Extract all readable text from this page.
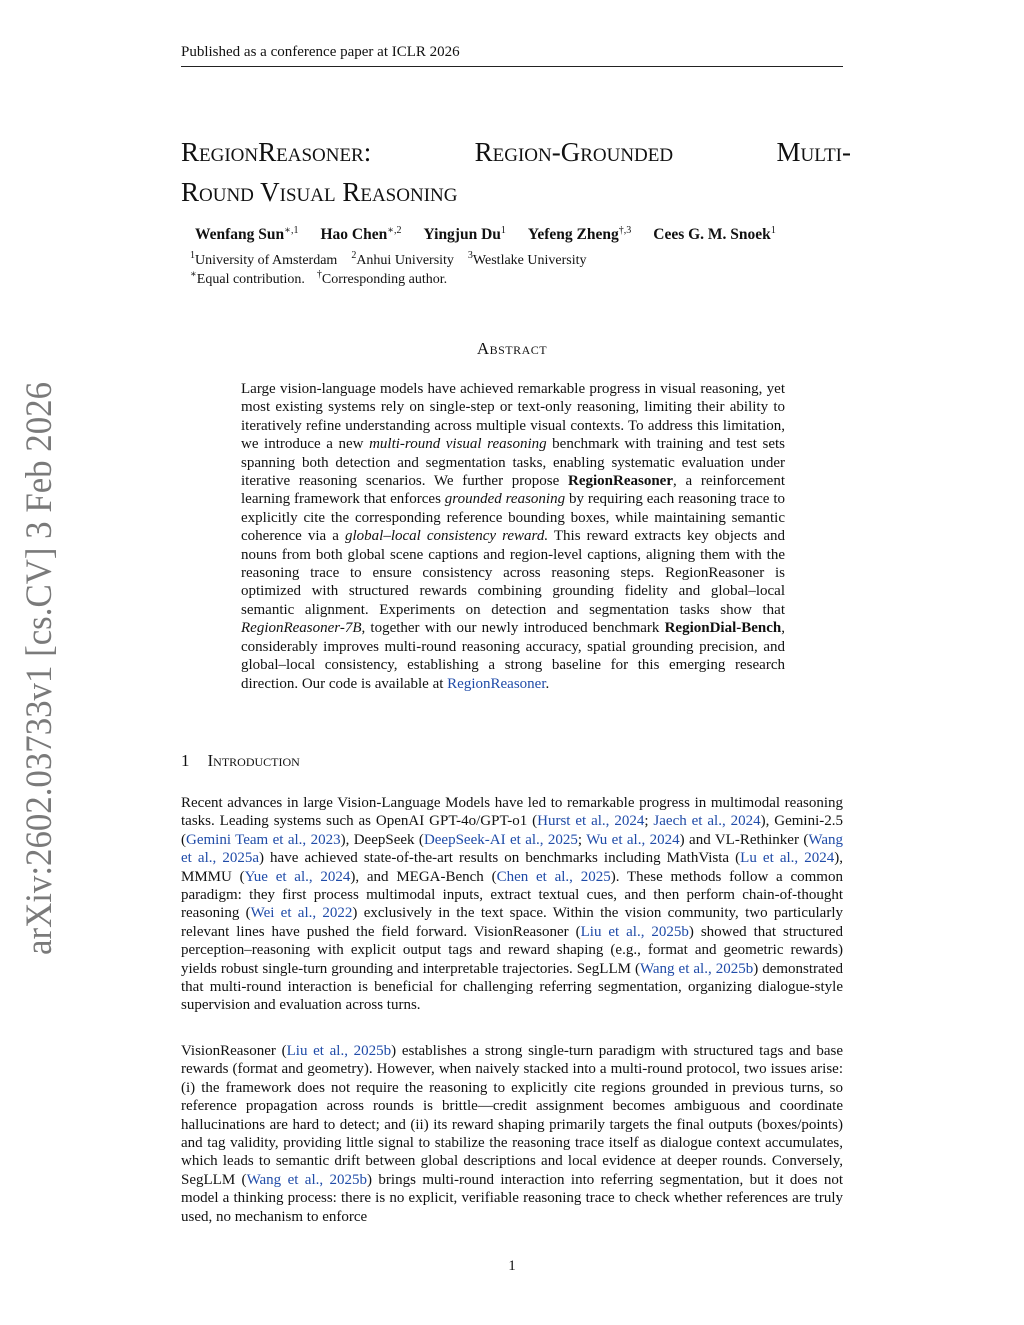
Published as a conference paper at ICLR 2026
arXiv:2602.03733v1 [cs.CV] 3 Feb 2026
RegionReasoner: Region-Grounded Multi-
Round Visual Reasoning
Wenfang Sun$^{∗,1}$ Hao Chen$^{∗,2}$ Yingjun Du$^1$ Yefeng Zheng$^{\dagger,3}$ Cees G. M. Snoek$^1$
$^1$University of Amsterdam $^2$Anhui University $^3$Westlake University
∗Equal contribution. †Corresponding author.
Abstract
Large vision-language models have achieved remarkable progress in visual reasoning, yet most existing systems rely on single-step or text-only reasoning, limiting their ability to iteratively refine understanding across multiple visual contexts. To address this limitation, we introduce a new multi-round visual reasoning benchmark with training and test sets spanning both detection and segmentation tasks, enabling systematic evaluation under iterative reasoning scenarios. We further propose RegionReasoner, a reinforcement learning framework that enforces grounded reasoning by requiring each reasoning trace to explicitly cite the corresponding reference bounding boxes, while maintaining semantic coherence via a global–local consistency reward. This reward extracts key objects and nouns from both global scene captions and region-level captions, aligning them with the reasoning trace to ensure consistency across reasoning steps. RegionReasoner is optimized with structured rewards combining grounding fidelity and global–local semantic alignment. Experiments on detection and segmentation tasks show that RegionReasoner-7B, together with our newly introduced benchmark RegionDial-Bench, considerably improves multi-round reasoning accuracy, spatial grounding precision, and global–local consistency, establishing a strong baseline for this emerging research direction. Our code is available at RegionReasoner.
1 Introduction
Recent advances in large Vision-Language Models have led to remarkable progress in multimodal reasoning tasks. Leading systems such as OpenAI GPT-4o/GPT-o1 (Hurst et al., 2024; Jaech et al., 2024), Gemini-2.5 (Gemini Team et al., 2023), DeepSeek (DeepSeek-AI et al., 2025; Wu et al., 2024) and VL-Rethinker (Wang et al., 2025a) have achieved state-of-the-art results on benchmarks including MathVista (Lu et al., 2024), MMMU (Yue et al., 2024), and MEGA-Bench (Chen et al., 2025). These methods follow a common paradigm: they first process multimodal inputs, extract textual cues, and then perform chain-of-thought reasoning (Wei et al., 2022) exclusively in the text space. Within the vision community, two particularly relevant lines have pushed the field forward. VisionReasoner (Liu et al., 2025b) showed that structured perception–reasoning with explicit output tags and reward shaping (e.g., format and geometric rewards) yields robust single-turn grounding and interpretable trajectories. SegLLM (Wang et al., 2025b) demonstrated that multi-round interaction is beneficial for challenging referring segmentation, organizing dialogue-style supervision and evaluation across turns.
VisionReasoner (Liu et al., 2025b) establishes a strong single-turn paradigm with structured tags and base rewards (format and geometry). However, when naively stacked into a multi-round protocol, two issues arise: (i) the framework does not require the reasoning to explicitly cite regions grounded in previous turns, so reference propagation across rounds is brittle—credit assignment becomes ambiguous and coordinate hallucinations are hard to detect; and (ii) its reward shaping primarily targets the final outputs (boxes/points) and tag validity, providing little signal to stabilize the reasoning trace itself as dialogue context accumulates, which leads to semantic drift between global descriptions and local evidence at deeper rounds. Conversely, SegLLM (Wang et al., 2025b) brings multi-round interaction into referring segmentation, but it does not model a thinking process: there is no explicit, verifiable reasoning trace to check whether references are truly used, no mechanism to enforce
1
